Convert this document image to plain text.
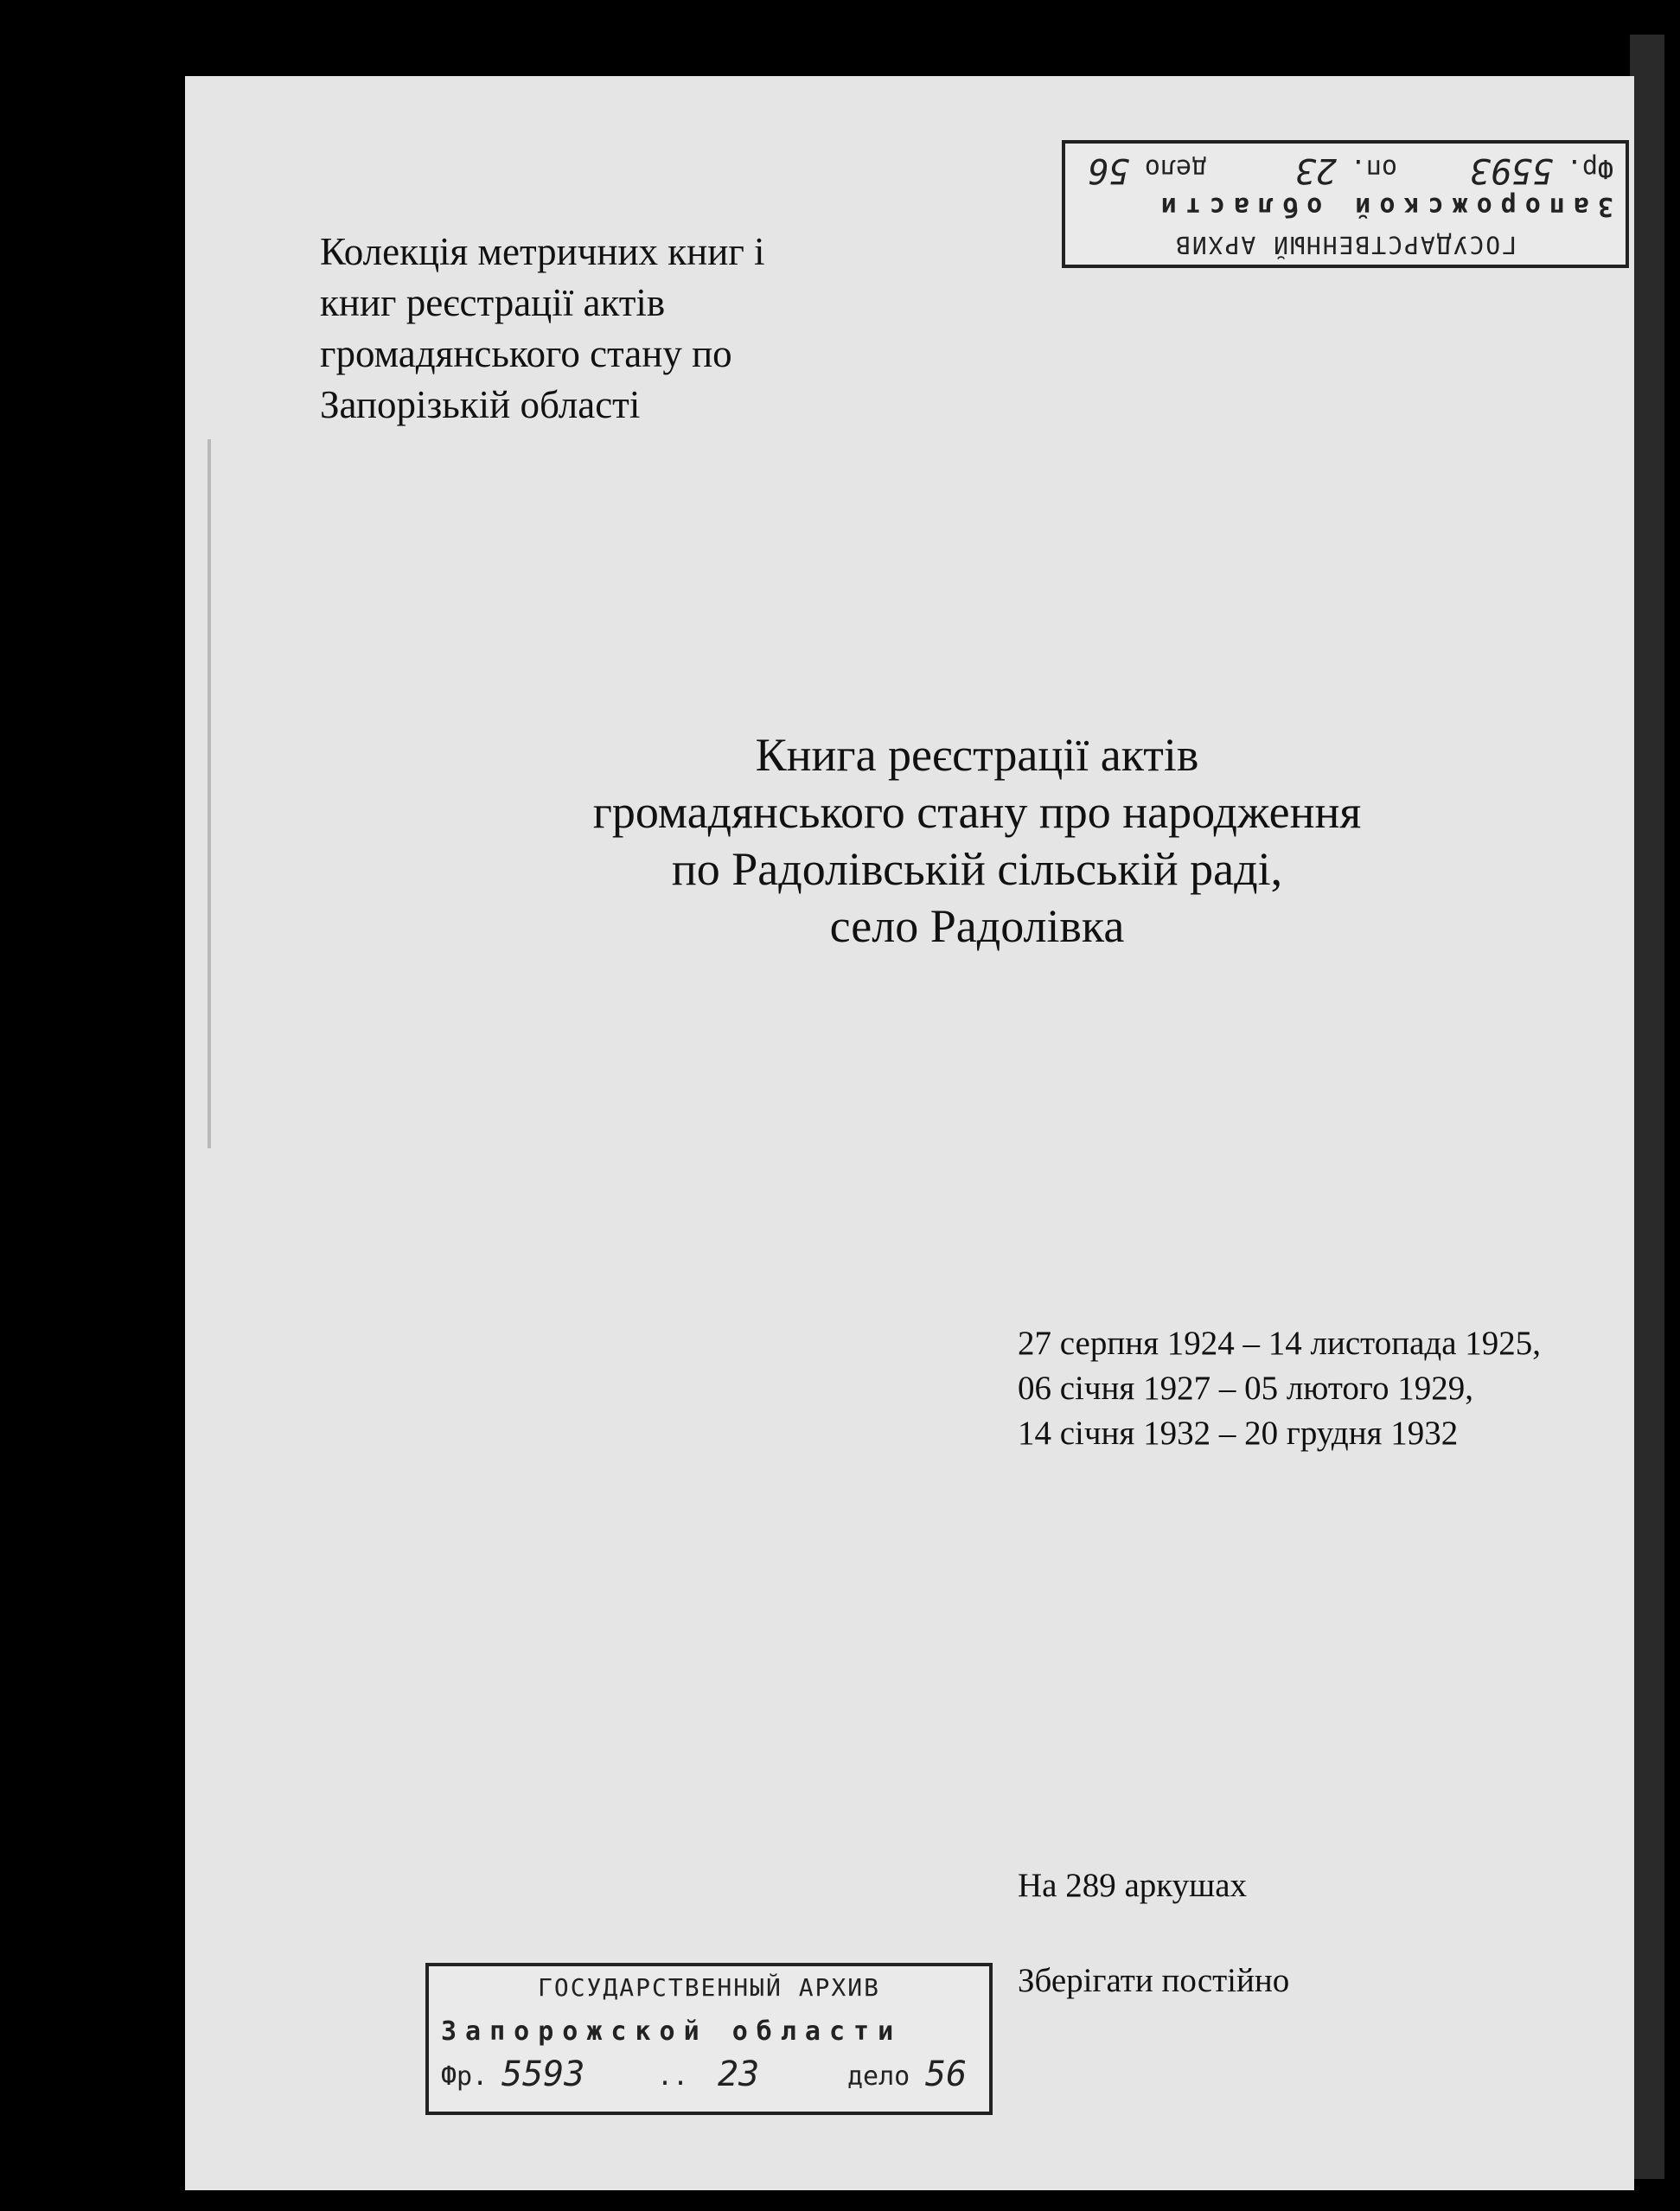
Колекція метричних книг і
книг реєстрації актів
громадянського стану по
Запорізькій області
Книга реєстрації актів
громадянського стану про народження
по Радолівській сільській раді,
село Радолівка
27 серпня 1924 – 14 листопада 1925,
06 січня 1927 – 05 лютого 1929,
14 січня 1932 – 20 грудня 1932
На 289 аркушах
Зберігати постійно
ГОСУДАРСТВЕННЫЙ АРХИВ
Запорожской области
Фр.
5593
оп.
23
дело
56
ГОСУДАРСТВЕННЫЙ АРХИВ
Запорожской области
Фр. 5593	.. 23	дело 56
